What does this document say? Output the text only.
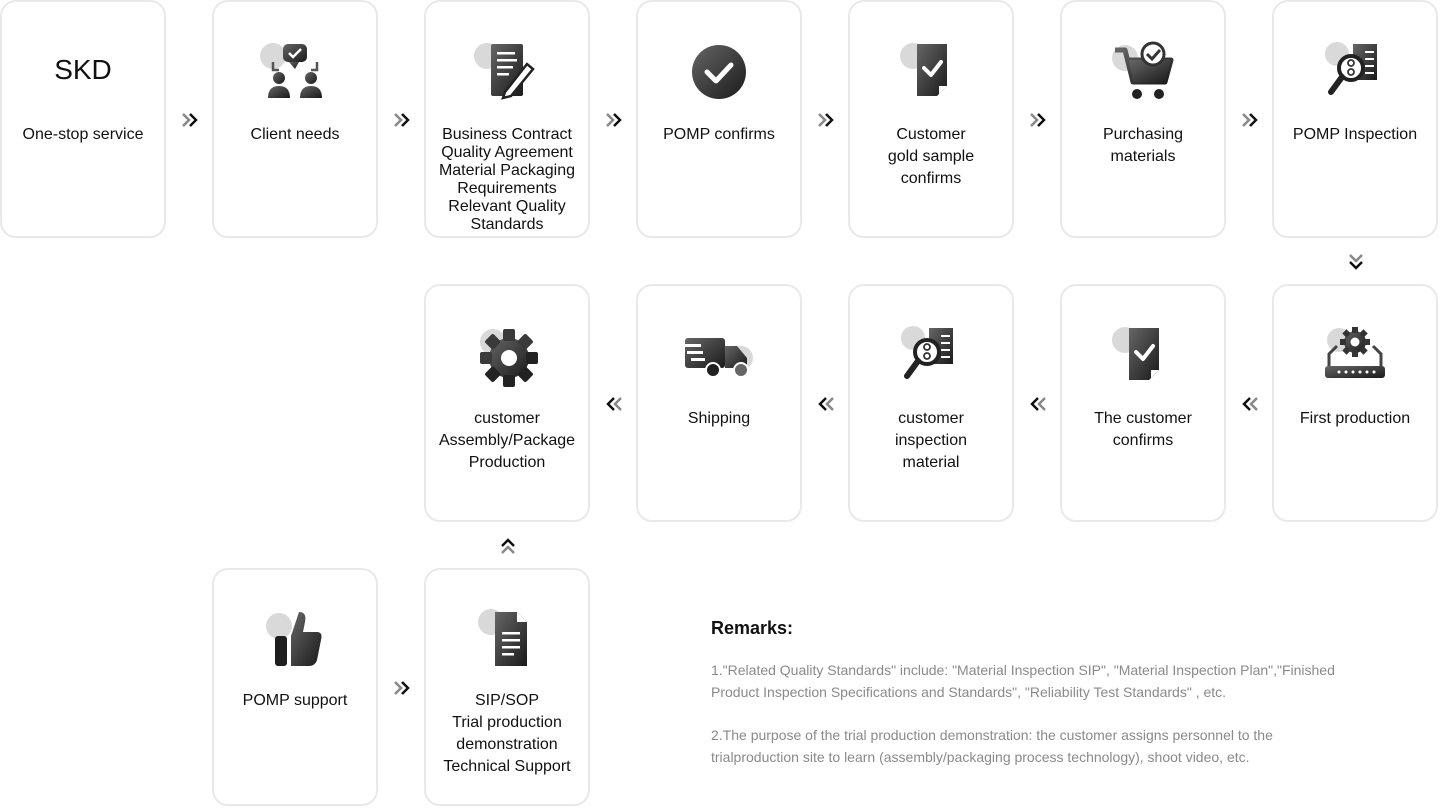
SKD
One-stop service	Client needs	Business Contract
Quality Agreement
Material Packaging
Requirements
Relevant Quality
Standards
POMP confirms	Customer
gold sample
confirms
Purchasing
materials
POMP Inspection
First production
The customer
confirms
customer
inspection
material
Shipping
customer
Assembly/Package
Production
SIP/SOP
Trial production
demonstration
Technical Support
POMP support
Remarks:

1."Related Quality Standards" include: "Material Inspection SIP", "Material Inspection Plan","Finished
Product Inspection Specifications and Standards", "Reliability Test Standards" , etc.

2.The purpose of the trial production demonstration: the customer assigns personnel to the
trialproduction site to learn (assembly/packaging process technology), shoot video, etc.
